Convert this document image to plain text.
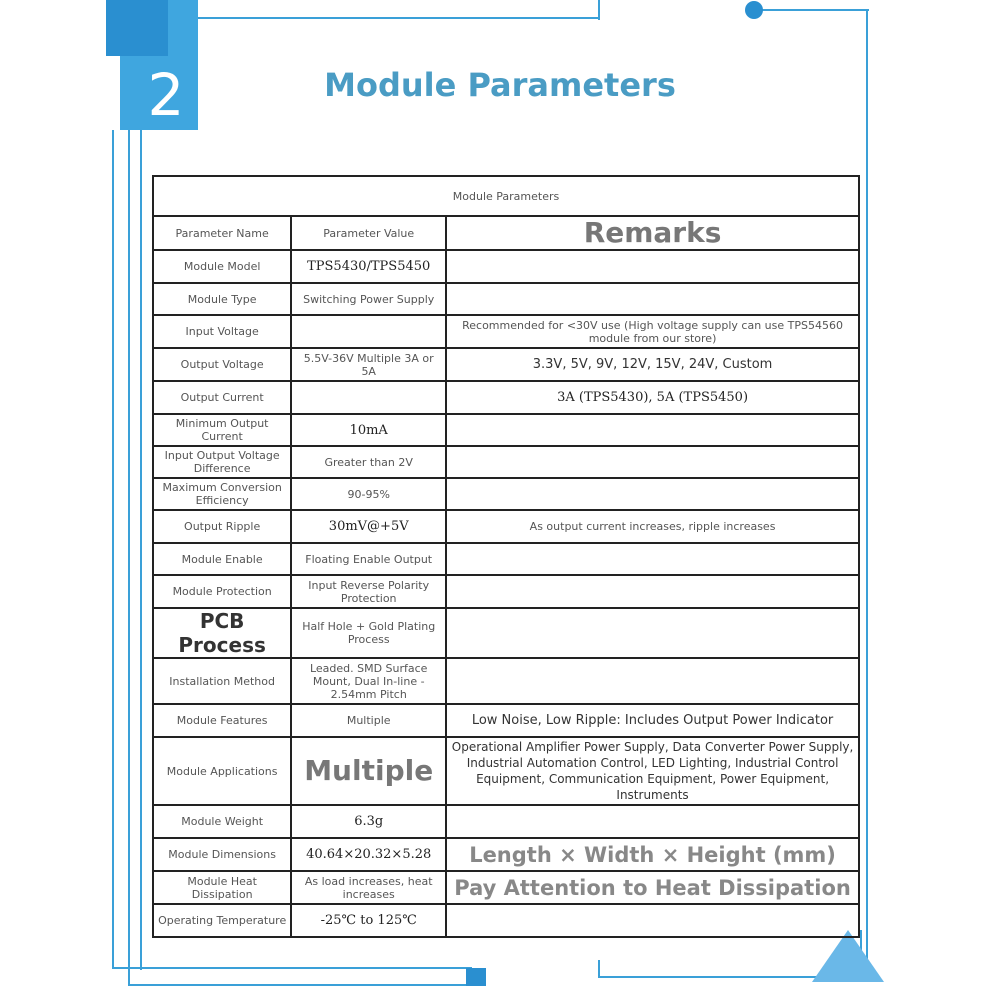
2	Module Parameters
Module Parameters		
Parameter Name	Parameter Value	Remarks
Module Model	TPS5430/TPS5450	
Module Type	Switching Power Supply	
Input Voltage		Recommended for <30V use (High voltage supply can use TPS54560 module from our store)
Output Voltage	5.5V-36V Multiple 3A or 5A	3.3V, 5V, 9V, 12V, 15V, 24V, Custom
Output Current		3A (TPS5430), 5A (TPS5450)
Minimum Output Current	10mA	
Input Output Voltage Difference	Greater than 2V	
Maximum Conversion Efficiency	90-95%	
Output Ripple	30mV@+5V	As output current increases, ripple increases
Module Enable	Floating Enable Output	
Module Protection	Input Reverse Polarity Protection	
PCB Process	Half Hole + Gold Plating Process	
Installation Method	Leaded. SMD Surface Mount, Dual In-line - 2.54mm Pitch	
Module Features	Multiple	Low Noise, Low Ripple: Includes Output Power Indicator
Module Applications	Multiple	Operational Amplifier Power Supply, Data Converter Power Supply, Industrial Automation Control, LED Lighting, Industrial Control Equipment, Communication Equipment, Power Equipment, Instruments
Module Weight	6.3g	
Module Dimensions	40.64×20.32×5.28	Length × Width × Height (mm)
Module Heat Dissipation	As load increases, heat increases	Pay Attention to Heat Dissipation
Operating Temperature	-25℃ to 125℃	
